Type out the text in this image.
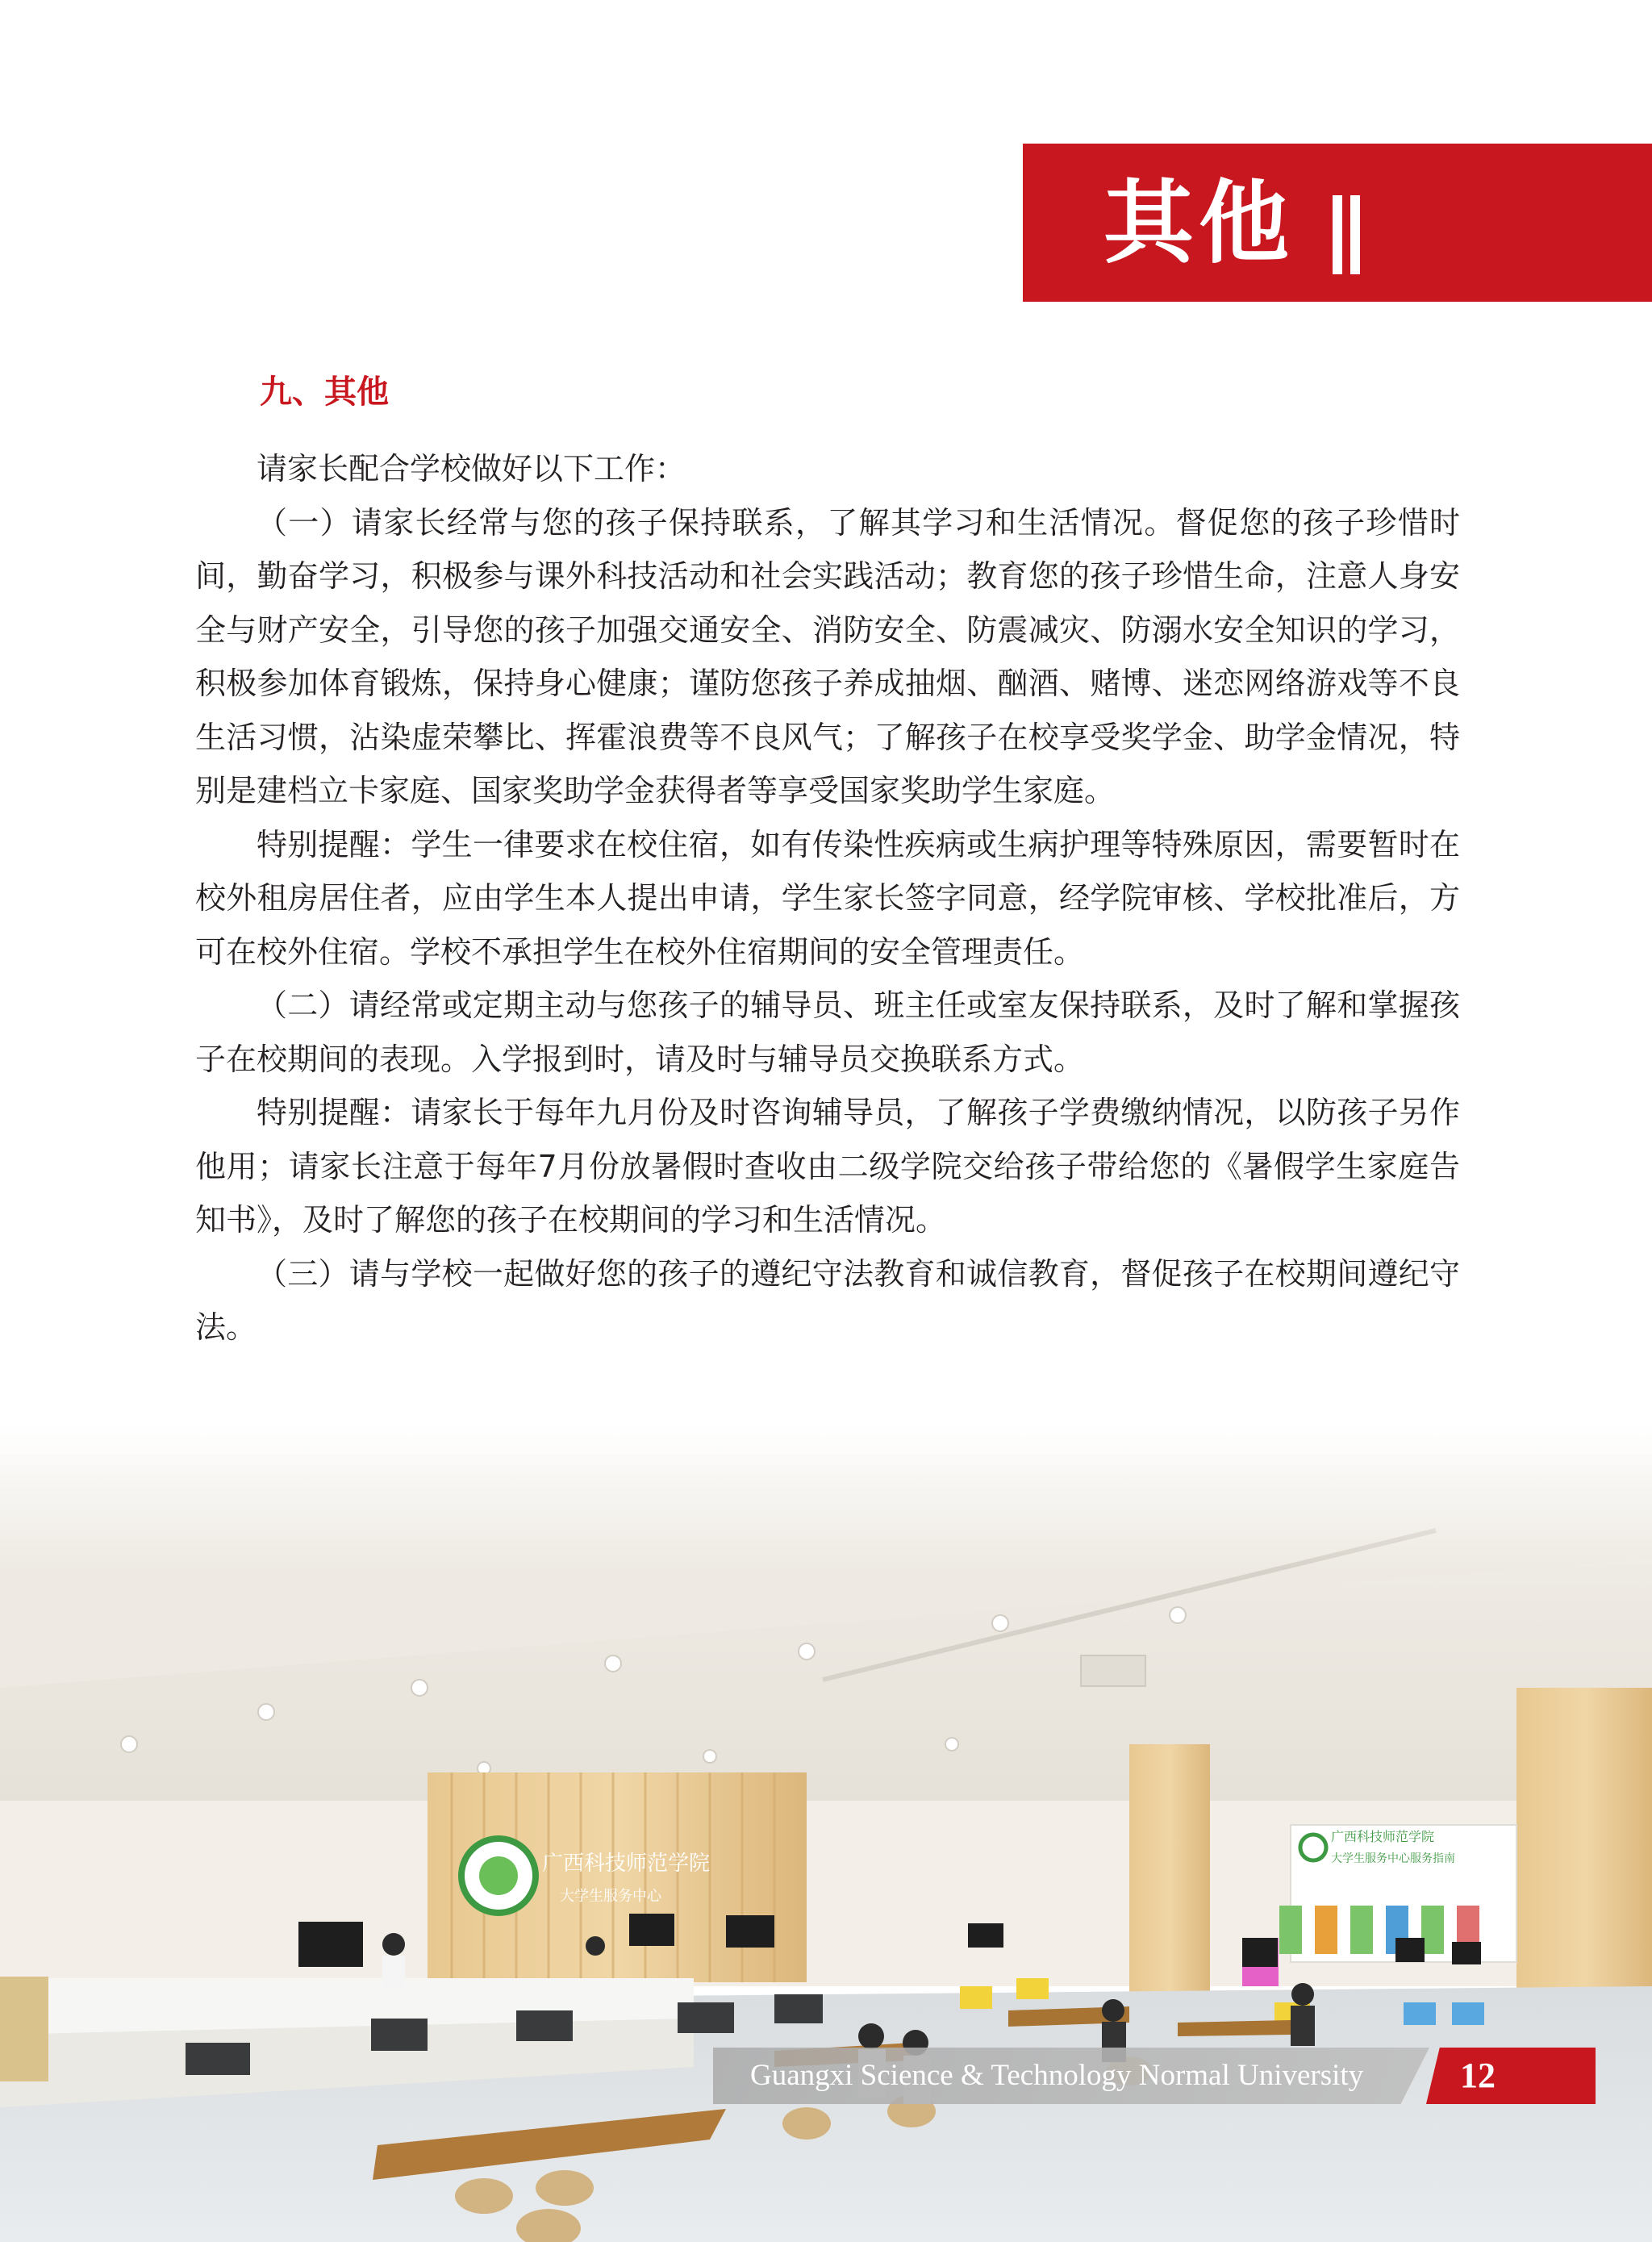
其他
九、其他

请家长配合学校做好以下工作：

（一）请家长经常与您的孩子保持联系，了解其学习和生活情况。督促您的孩子珍惜时间，勤奋学习，积极参与课外科技活动和社会实践活动；教育您的孩子珍惜生命，注意人身安全与财产安全，引导您的孩子加强交通安全、消防安全、防震减灾、防溺水安全知识的学习，积极参加体育锻炼，保持身心健康；谨防您孩子养成抽烟、酗酒、赌博、迷恋网络游戏等不良生活习惯，沾染虚荣攀比、挥霍浪费等不良风气；了解孩子在校享受奖学金、助学金情况，特别是建档立卡家庭、国家奖助学金获得者等享受国家奖助学生家庭。

特别提醒：学生一律要求在校住宿，如有传染性疾病或生病护理等特殊原因，需要暂时在校外租房居住者，应由学生本人提出申请，学生家长签字同意，经学院审核、学校批准后，方可在校外住宿。学校不承担学生在校外住宿期间的安全管理责任。

（二）请经常或定期主动与您孩子的辅导员、班主任或室友保持联系，及时了解和掌握孩子在校期间的表现。入学报到时，请及时与辅导员交换联系方式。

特别提醒：请家长于每年九月份及时咨询辅导员，了解孩子学费缴纳情况，以防孩子另作他用；请家长注意于每年7月份放暑假时查收由二级学院交给孩子带给您的《暑假学生家庭告知书》，及时了解您的孩子在校期间的学习和生活情况。

（三）请与学校一起做好您的孩子的遵纪守法教育和诚信教育，督促孩子在校期间遵纪守法。

Guangxi Science & Technology Normal University	12
